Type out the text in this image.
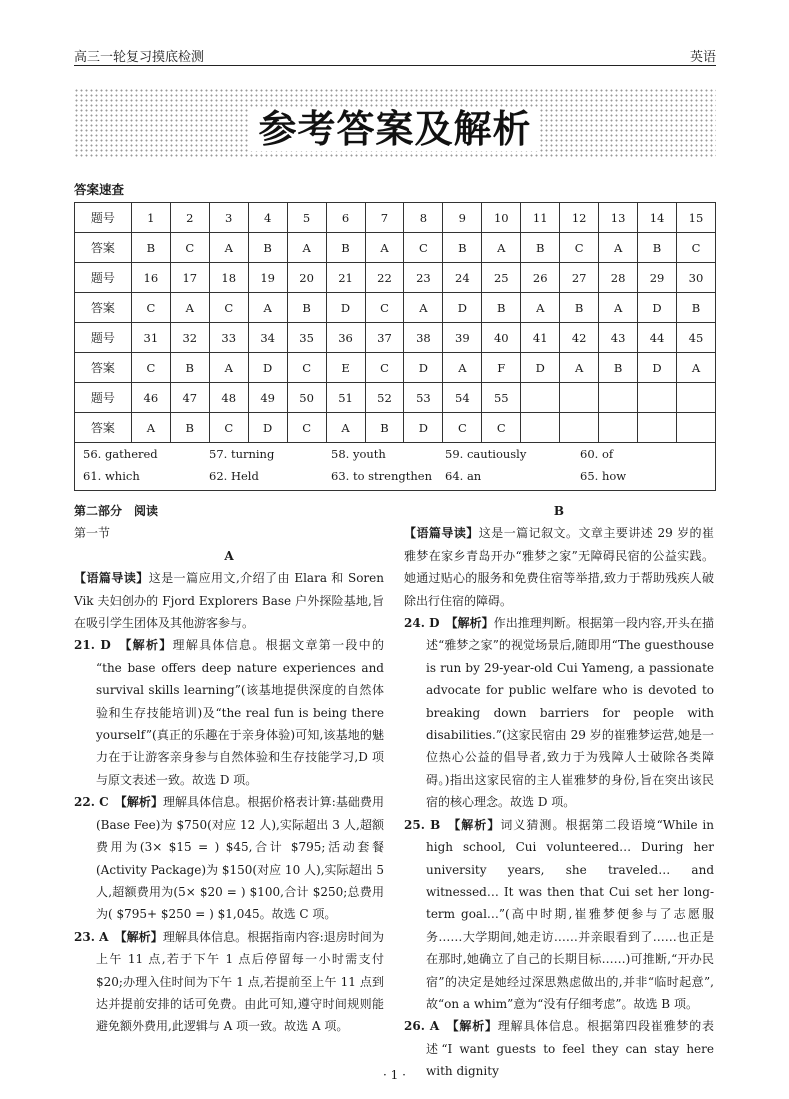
高三一轮复习摸底检测	英语
参考答案及解析
答案速查
题号	1	2	3	4	5	6	7	8	9	10	11	12	13	14	15
答案	B	C	A	B	A	B	A	C	B	A	B	C	A	B	C
题号	16	17	18	19	20	21	22	23	24	25	26	27	28	29	30
答案	C	A	C	A	B	D	C	A	D	B	A	B	A	D	B
题号	31	32	33	34	35	36	37	38	39	40	41	42	43	44	45
答案	C	B	A	D	C	E	C	D	A	F	D	A	B	D	A
题号	46	47	48	49	50	51	52	53	54	55					
答案	A	B	C	D	C	A	B	D	C	C					
56. gathered	57. turning	58. youth	59. cautiously	60. of
61. which	62. Held	63. to strengthen 64. an	65. how

第二部分　阅读

第一节

A

【语篇导读】这是一篇应用文,介绍了由 Elara 和 Soren Vik 夫妇创办的 Fjord Explorers Base 户外探险基地,旨在吸引学生团体及其他游客参与。

21. D　 【解析】理解具体信息。根据文章第一段中的 “the base offers deep nature experiences and survival skills learning”(该基地提供深度的自然体验和生存技能培训)及“the real fun is being there yourself”(真正的乐趣在于亲身体验)可知,该基地的魅力在于让游客亲身参与自然体验和生存技能学习,D 项与原文表述一致。故选 D 项。

22. C　 【解析】理解具体信息。根据价格表计算:基础费用(Base Fee)为 $750(对应 12 人),实际超出 3 人,超额费用为(3× $15 = ) $45,合计 $795;活动套餐(Activity Package)为 $150(对应 10 人),实际超出 5 人,超额费用为(5× $20 = ) $100,合计 $250;总费用为( $795+ $250 = ) $1,045。故选 C 项。

23. A　 【解析】理解具体信息。根据指南内容:退房时间为上午 11 点,若于下午 1 点后停留每一小时需支付 $20;办理入住时间为下午 1 点,若提前至上午 11 点到达并提前安排的话可免费。由此可知,遵守时间规则能避免额外费用,此逻辑与 A 项一致。故选 A 项。

B

【语篇导读】这是一篇记叙文。文章主要讲述 29 岁的崔雅梦在家乡青岛开办“雅梦之家”无障碍民宿的公益实践。她通过贴心的服务和免费住宿等举措,致力于帮助残疾人破除出行住宿的障碍。

24. D　 【解析】作出推理判断。根据第一段内容,开头在描述“雅梦之家”的视觉场景后,随即用“The guesthouse is run by 29-year-old Cui Yameng, a passionate advocate for public welfare who is devoted to breaking down barriers for people with disabilities.”(这家民宿由 29 岁的崔雅梦运营,她是一位热心公益的倡导者,致力于为残障人士破除各类障碍。)指出这家民宿的主人崔雅梦的身份,旨在突出该民宿的核心理念。故选 D 项。

25. B　 【解析】词义猜测。根据第二段语境“While in high school, Cui volunteered… During her university years, she traveled… and witnessed… It was then that Cui set her long-term goal…”(高中时期,崔雅梦便参与了志愿服务……大学期间,她走访……并亲眼看到了……也正是在那时,她确立了自己的长期目标……)可推断,“开办民宿”的决定是她经过深思熟虑做出的,并非“临时起意”,故“on a whim”意为“没有仔细考虑”。故选 B 项。

26. A　 【解析】理解具体信息。根据第四段崔雅梦的表述“I want guests to feel they can stay here with dignity

· 1 ·
